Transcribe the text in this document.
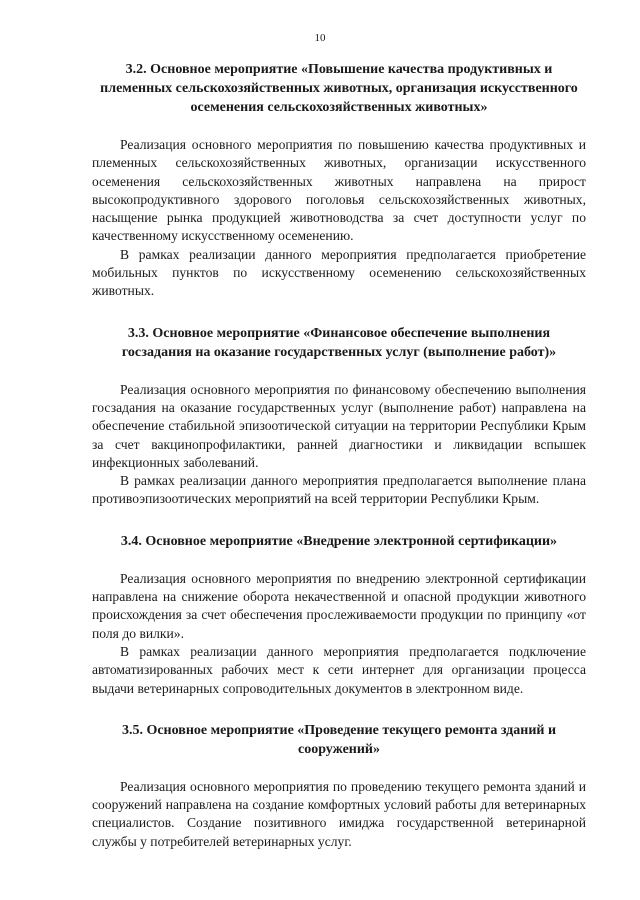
10

3.2. Основное мероприятие «Повышение качества продуктивных и племенных сельскохозяйственных животных, организация искусственного осеменения сельскохозяйственных животных»

Реализация основного мероприятия по повышению качества продуктивных и племенных сельскохозяйственных животных, организации искусственного осеменения сельскохозяйственных животных направлена на прирост высокопродуктивного здорового поголовья сельскохозяйственных животных, насыщение рынка продукцией животноводства за счет доступности услуг по качественному искусственному осеменению.

В рамках реализации данного мероприятия предполагается приобретение мобильных пунктов по искусственному осеменению сельскохозяйственных животных.

3.3. Основное мероприятие «Финансовое обеспечение выполнения госзадания на оказание государственных услуг (выполнение работ)»

Реализация основного мероприятия по финансовому обеспечению выполнения госзадания на оказание государственных услуг (выполнение работ) направлена на обеспечение стабильной эпизоотической ситуации на территории Республики Крым за счет вакцинопрофилактики, ранней диагностики и ликвидации вспышек инфекционных заболеваний.

В рамках реализации данного мероприятия предполагается выполнение плана противоэпизоотических мероприятий на всей территории Республики Крым.

3.4. Основное мероприятие «Внедрение электронной сертификации»

Реализация основного мероприятия по внедрению электронной сертификации направлена на снижение оборота некачественной и опасной продукции животного происхождения за счет обеспечения прослеживаемости продукции по принципу «от поля до вилки».

В рамках реализации данного мероприятия предполагается подключение автоматизированных рабочих мест к сети интернет для организации процесса выдачи ветеринарных сопроводительных документов в электронном виде.

3.5. Основное мероприятие «Проведение текущего ремонта зданий и сооружений»

Реализация основного мероприятия по проведению текущего ремонта зданий и сооружений направлена на создание комфортных условий работы для ветеринарных специалистов. Создание позитивного имиджа государственной ветеринарной службы у потребителей ветеринарных услуг.
